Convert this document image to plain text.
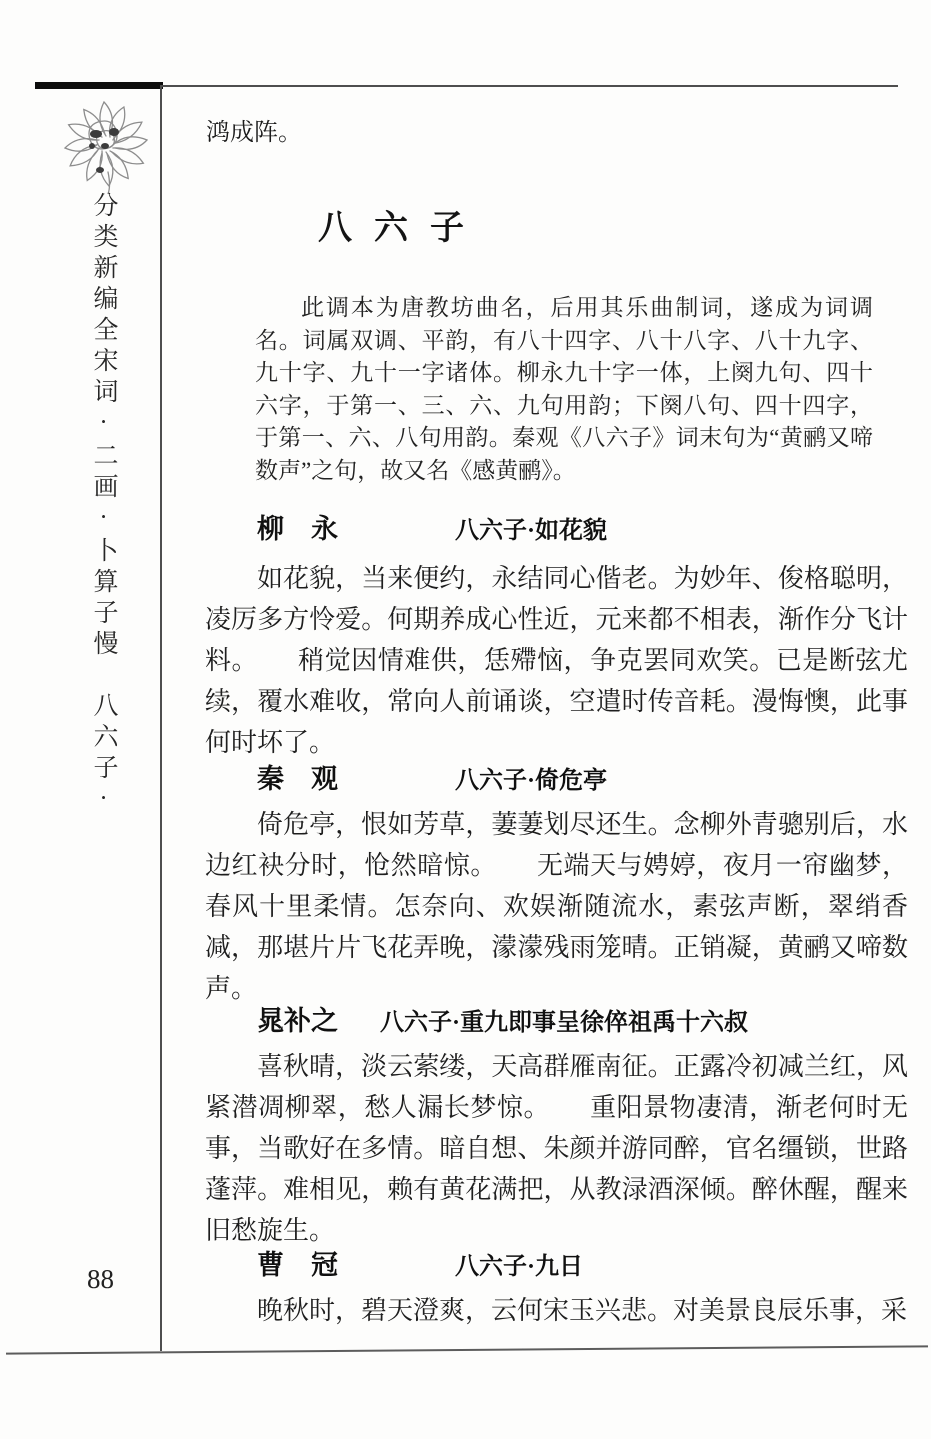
分类新编全宋词·二画·卜算子慢　八六子·
88
鸿成阵。
八六子
此调本为唐教坊曲名，后用其乐曲制词，遂成为词调名。词属双调、平韵，有八十四字、八十八字、八十九字、九十字、九十一字诸体。柳永九十字一体，上阕九句、四十六字，于第一、三、六、九句用韵；下阕八句、四十四字，于第一、六、八句用韵。秦观《八六子》词末句为“黄鹂又啼数声”之句，故又名《感黄鹂》。
柳　永	八六子·如花貌
如花貌，当来便约，永结同心偕老。为妙年、俊格聪明，凌厉多方怜爱。何期养成心性近，元来都不相表，渐作分飞计料。　　稍觉因情难供，恁殢恼，争克罢同欢笑。已是断弦尤续，覆水难收，常向人前诵谈，空遣时传音耗。漫悔懊，此事何时坏了。
秦　观	八六子·倚危亭
倚危亭，恨如芳草，萋萋划尽还生。念柳外青骢别后，水边红袂分时，怆然暗惊。　　无端天与娉婷，夜月一帘幽梦，春风十里柔情。怎奈向、欢娱渐随流水，素弦声断，翠绡香减，那堪片片飞花弄晚，濛濛残雨笼晴。正销凝，黄鹂又啼数声。
晁补之 八六子·重九即事呈徐倅祖禹十六叔
喜秋晴，淡云萦缕，天高群雁南征。正露冷初减兰红，风紧潜凋柳翠，愁人漏长梦惊。　　重阳景物凄清，渐老何时无事，当歌好在多情。暗自想、朱颜并游同醉，官名缰锁，世路蓬萍。难相见，赖有黄花满把，从教渌酒深倾。醉休醒，醒来旧愁旋生。
曹　冠	八六子·九日
晚秋时，碧天澄爽，云何宋玉兴悲。对美景良辰乐事，采
